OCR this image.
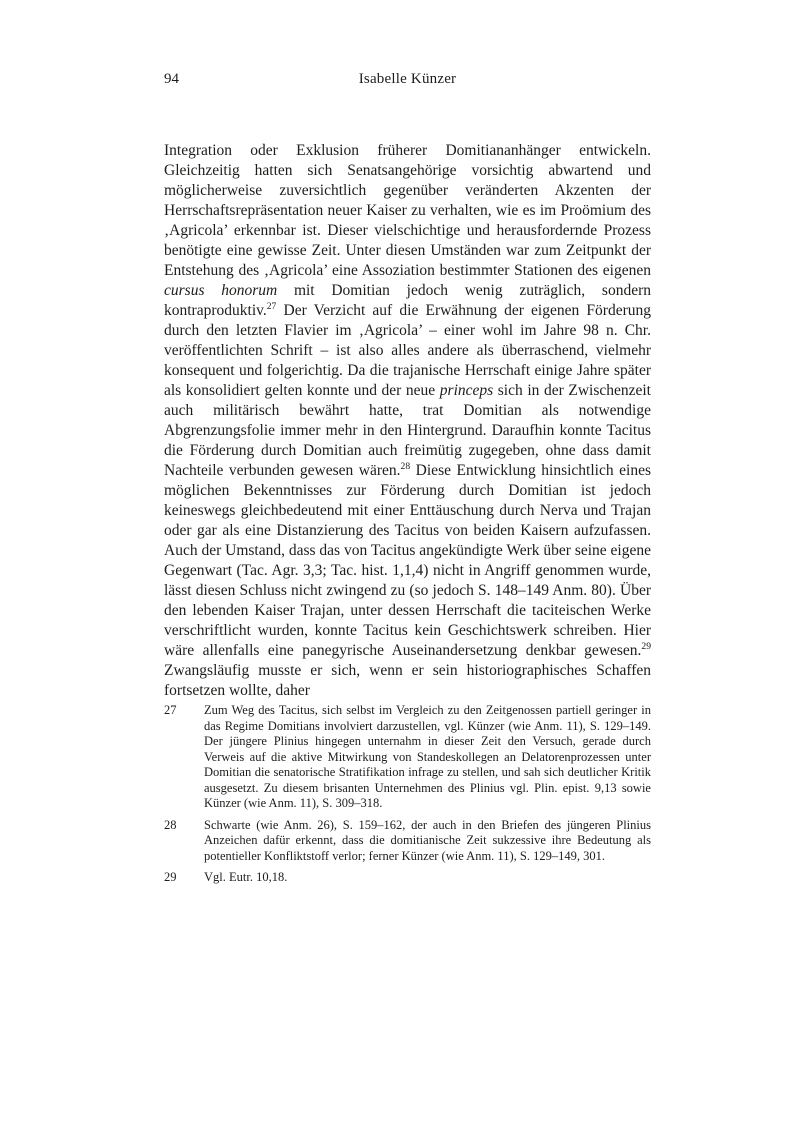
94	Isabelle Künzer
Integration oder Exklusion früherer Domitiananhänger entwickeln. Gleichzeitig hatten sich Senatsangehörige vorsichtig abwartend und möglicherweise zuversichtlich gegenüber veränderten Akzenten der Herrschaftsrepräsentation neuer Kaiser zu verhalten, wie es im Proömium des ‚Agricola’ erkennbar ist. Dieser vielschichtige und herausfordernde Prozess benötigte eine gewisse Zeit. Unter diesen Umständen war zum Zeitpunkt der Entstehung des ‚Agricola’ eine Assoziation bestimmter Stationen des eigenen cursus honorum mit Domitian jedoch wenig zuträglich, sondern kontraproduktiv.$^{27}$ Der Verzicht auf die Erwähnung der eigenen Förderung durch den letzten Flavier im ‚Agricola’ – einer wohl im Jahre 98 n. Chr. veröffentlichten Schrift – ist also alles andere als überraschend, vielmehr konsequent und folgerichtig. Da die trajanische Herrschaft einige Jahre später als konsolidiert gelten konnte und der neue princeps sich in der Zwischenzeit auch militärisch bewährt hatte, trat Domitian als notwendige Abgrenzungsfolie immer mehr in den Hintergrund. Daraufhin konnte Tacitus die Förderung durch Domitian auch freimütig zugegeben, ohne dass damit Nachteile verbunden gewesen wären.$^{28}$ Diese Entwicklung hinsichtlich eines möglichen Bekenntnisses zur Förderung durch Domitian ist jedoch keineswegs gleichbedeutend mit einer Enttäuschung durch Nerva und Trajan oder gar als eine Distanzierung des Tacitus von beiden Kaisern aufzufassen. Auch der Umstand, dass das von Tacitus angekündigte Werk über seine eigene Gegenwart (Tac. Agr. 3,3; Tac. hist. 1,1,4) nicht in Angriff genommen wurde, lässt diesen Schluss nicht zwingend zu (so jedoch S. 148–149 Anm. 80). Über den lebenden Kaiser Trajan, unter dessen Herrschaft die taciteischen Werke verschriftlicht wurden, konnte Tacitus kein Geschichtswerk schreiben. Hier wäre allenfalls eine panegyrische Auseinandersetzung denkbar gewesen.$^{29}$ Zwangsläufig musste er sich, wenn er sein historiographisches Schaffen fortsetzen wollte, daher
27	Zum Weg des Tacitus, sich selbst im Vergleich zu den Zeitgenossen partiell geringer in das Regime Domitians involviert darzustellen, vgl. Künzer (wie Anm. 11), S. 129–149. Der jüngere Plinius hingegen unternahm in dieser Zeit den Versuch, gerade durch Verweis auf die aktive Mitwirkung von Standeskollegen an Delatorenprozessen unter Domitian die senatorische Stratifikation infrage zu stellen, und sah sich deutlicher Kritik ausgesetzt. Zu diesem brisanten Unternehmen des Plinius vgl. Plin. epist. 9,13 sowie Künzer (wie Anm. 11), S. 309–318.
28	Schwarte (wie Anm. 26), S. 159–162, der auch in den Briefen des jüngeren Plinius Anzeichen dafür erkennt, dass die domitianische Zeit sukzessive ihre Bedeutung als potentieller Konfliktstoff verlor; ferner Künzer (wie Anm. 11), S. 129–149, 301.
29	Vgl. Eutr. 10,18.
